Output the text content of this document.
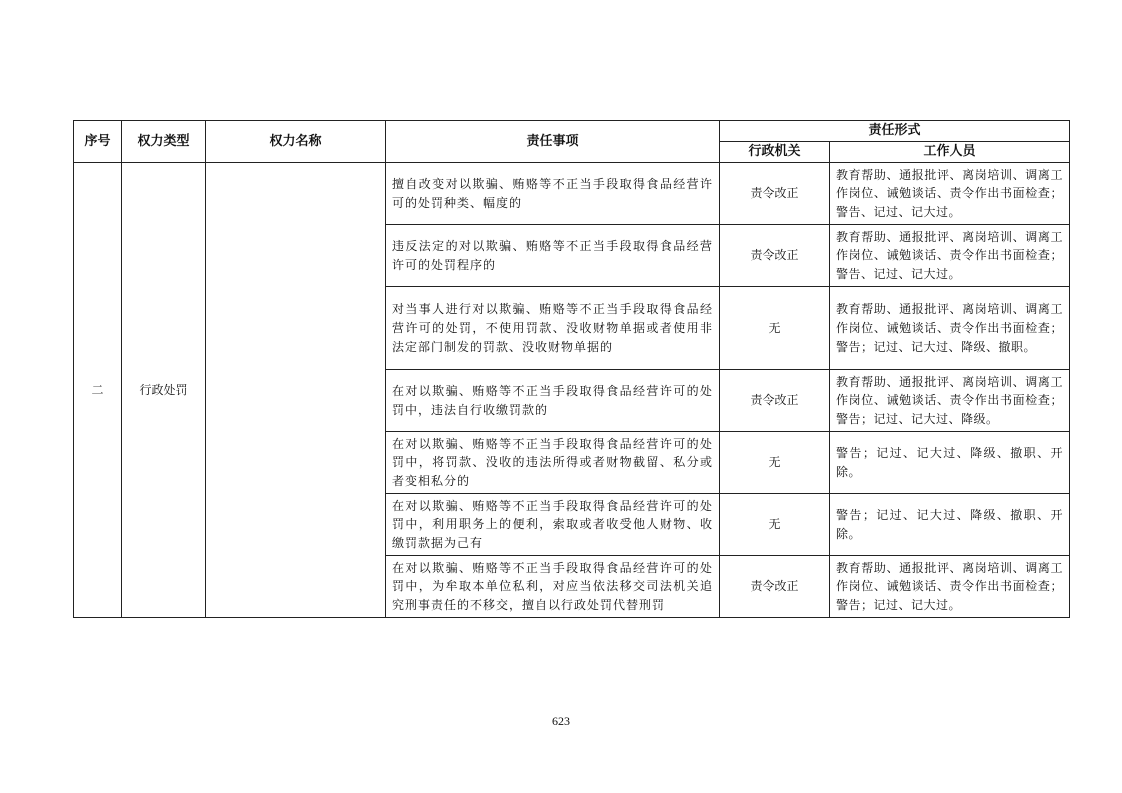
序号	权力类型	权力名称	责任事项	责任形式	
				行政机关	工作人员
二	行政处罚		擅自改变对以欺骗、贿赂等不正当手段取得食品经营许可的处罚种类、幅度的	责令改正	教育帮助、通报批评、离岗培训、调离工作岗位、诫勉谈话、责令作出书面检查；警告、记过、记大过。
			违反法定的对以欺骗、贿赂等不正当手段取得食品经营许可的处罚程序的	责令改正	教育帮助、通报批评、离岗培训、调离工作岗位、诫勉谈话、责令作出书面检查；警告、记过、记大过。
			对当事人进行对以欺骗、贿赂等不正当手段取得食品经营许可的处罚，不使用罚款、没收财物单据或者使用非法定部门制发的罚款、没收财物单据的	无	教育帮助、通报批评、离岗培训、调离工作岗位、诫勉谈话、责令作出书面检查；警告；记过、记大过、降级、撤职。
			在对以欺骗、贿赂等不正当手段取得食品经营许可的处罚中，违法自行收缴罚款的	责令改正	教育帮助、通报批评、离岗培训、调离工作岗位、诫勉谈话、责令作出书面检查；警告；记过、记大过、降级。
			在对以欺骗、贿赂等不正当手段取得食品经营许可的处罚中，将罚款、没收的违法所得或者财物截留、私分或者变相私分的	无	警告；记过、记大过、降级、撤职、开除。
			在对以欺骗、贿赂等不正当手段取得食品经营许可的处罚中，利用职务上的便利，索取或者收受他人财物、收缴罚款据为己有	无	警告；记过、记大过、降级、撤职、开除。
			在对以欺骗、贿赂等不正当手段取得食品经营许可的处罚中，为牟取本单位私利，对应当依法移交司法机关追究刑事责任的不移交，擅自以行政处罚代替刑罚	责令改正	教育帮助、通报批评、离岗培训、调离工作岗位、诫勉谈话、责令作出书面检查；警告；记过、记大过。
623
